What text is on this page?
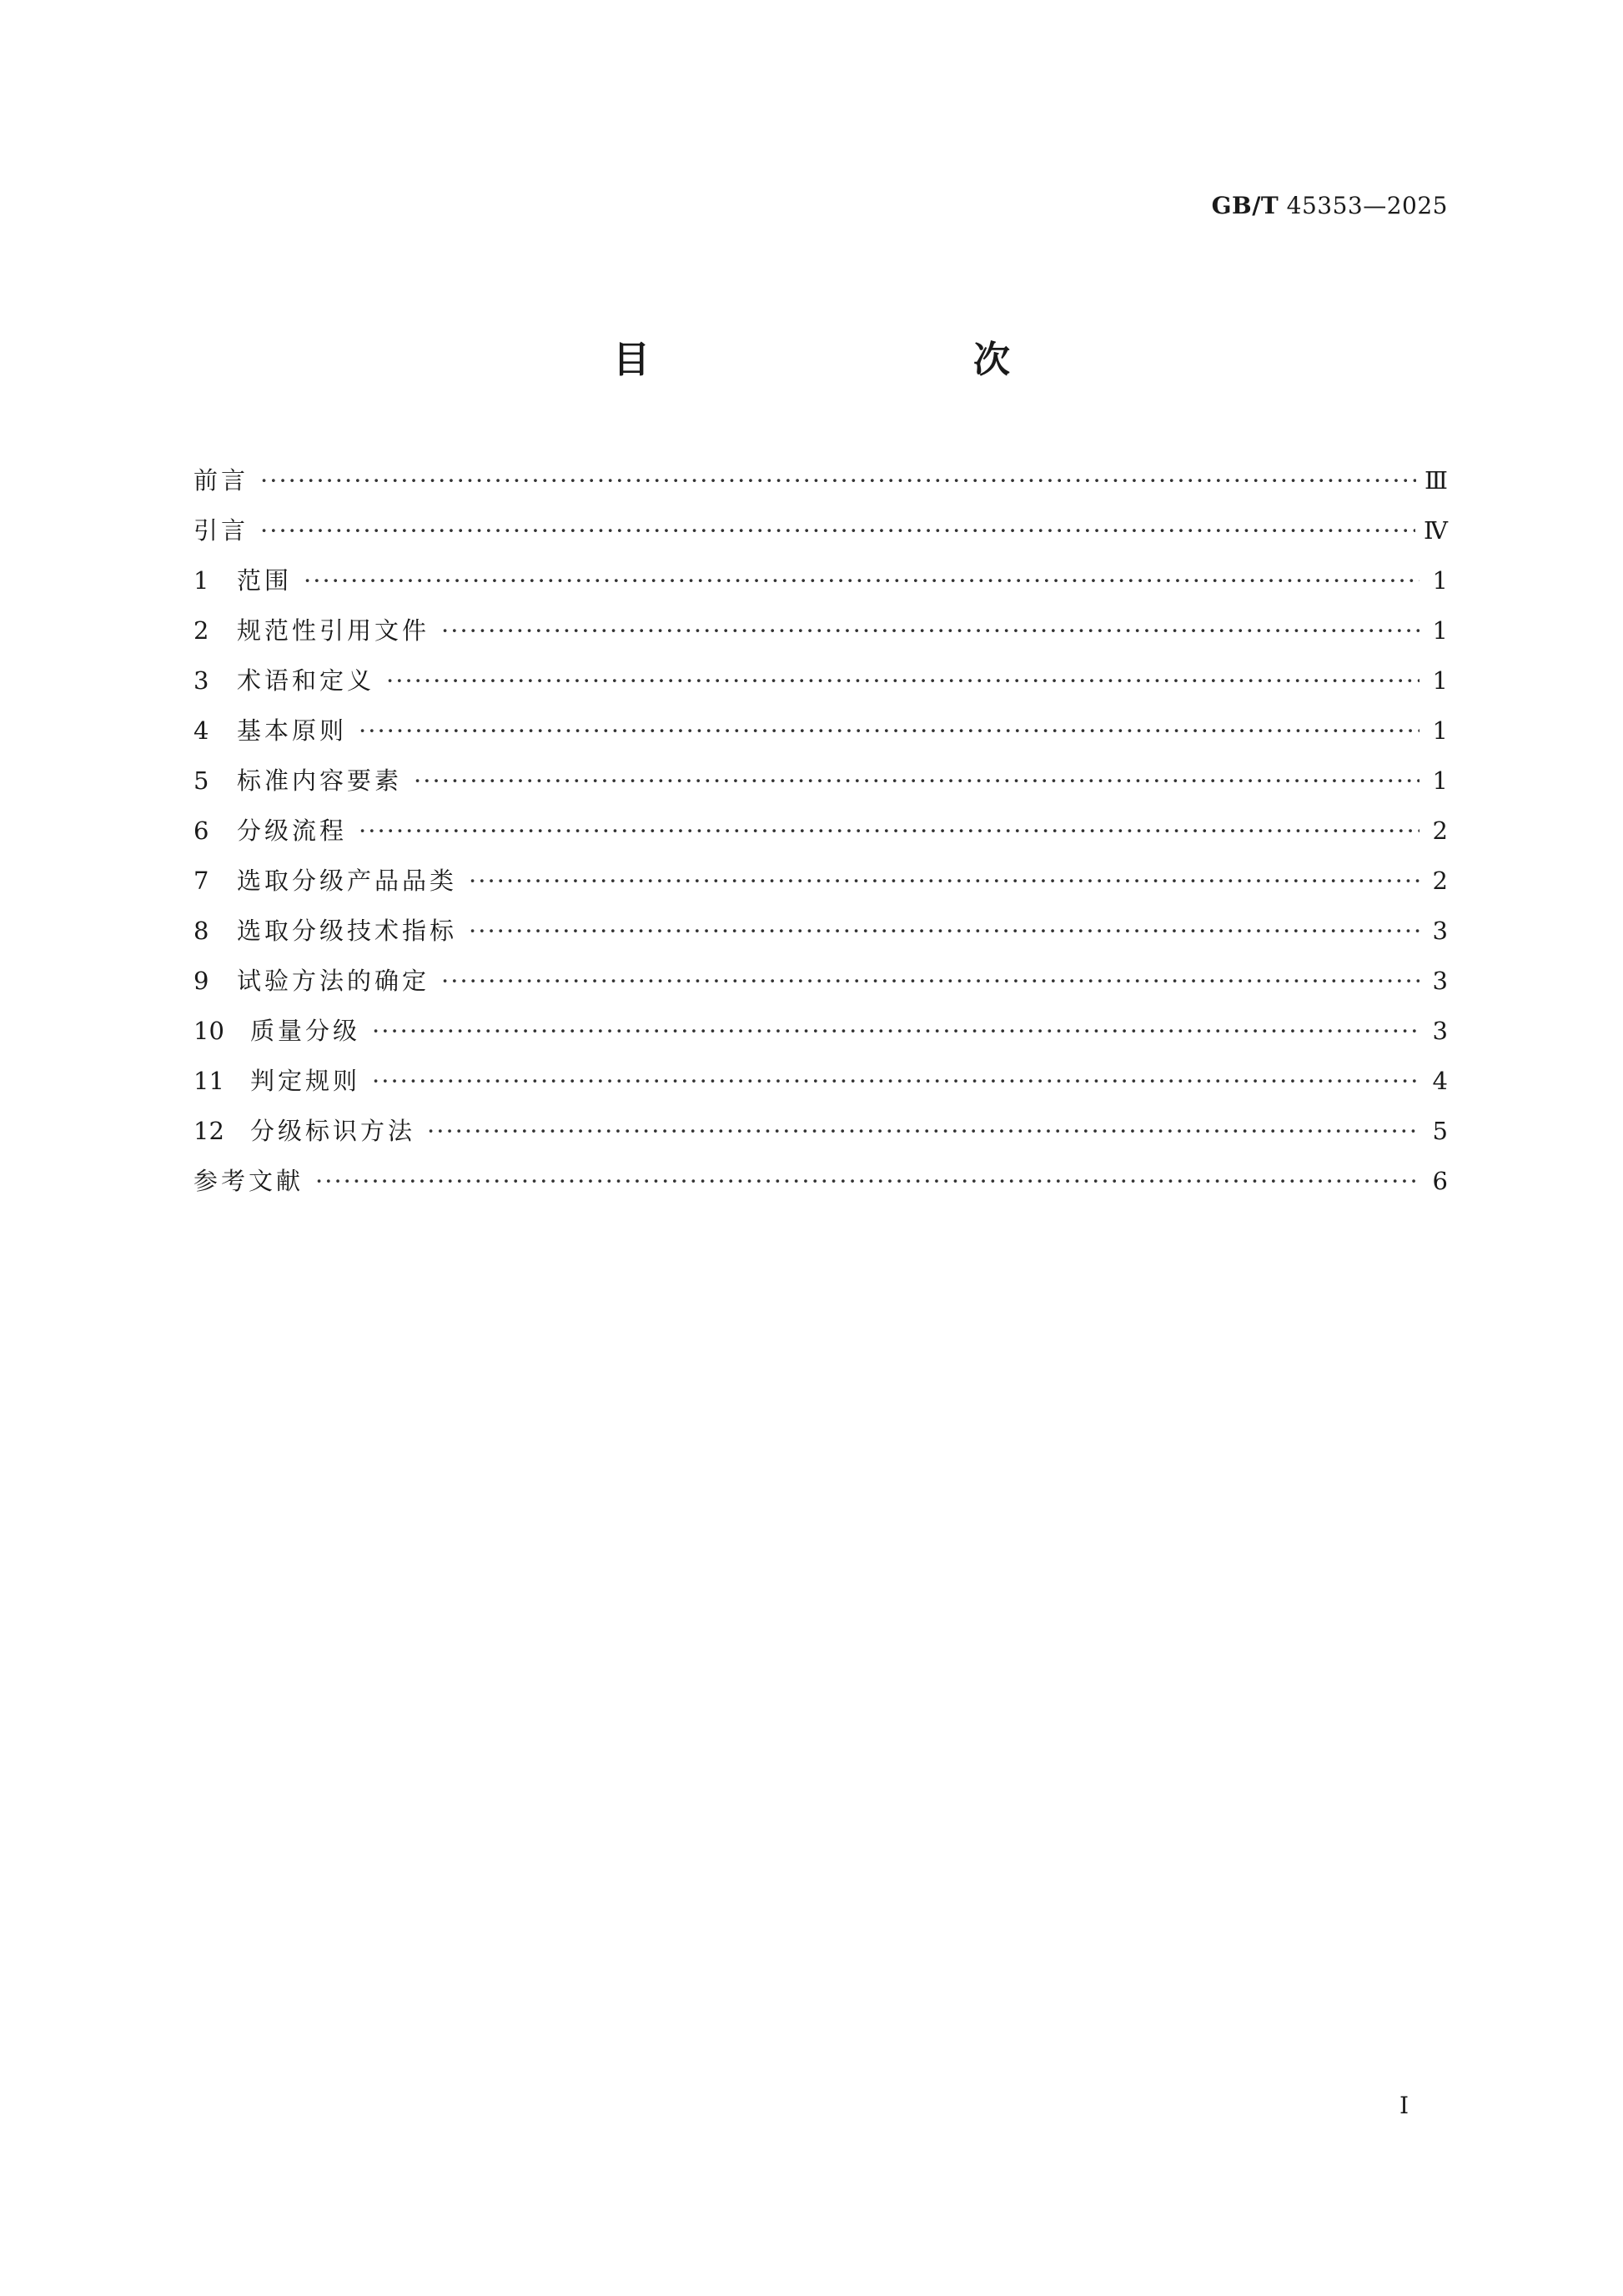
GB/T 45353—2025
目　　次
前言 ·····	Ⅲ
引言 ·····	Ⅳ
1	范围 ·····	1
2	规范性引用文件 ·····	1
3	术语和定义 ·····	1
4	基本原则 ·····	1
5	标准内容要素 ·····	1
6	分级流程 ·····	2
7	选取分级产品品类 ·····	2
8	选取分级技术指标 ·····	3
9	试验方法的确定 ·····	3
10	质量分级 ·····	3
11	判定规则 ·····	4
12	分级标识方法 ·····	5
参考文献 ·····	6
Ⅰ
